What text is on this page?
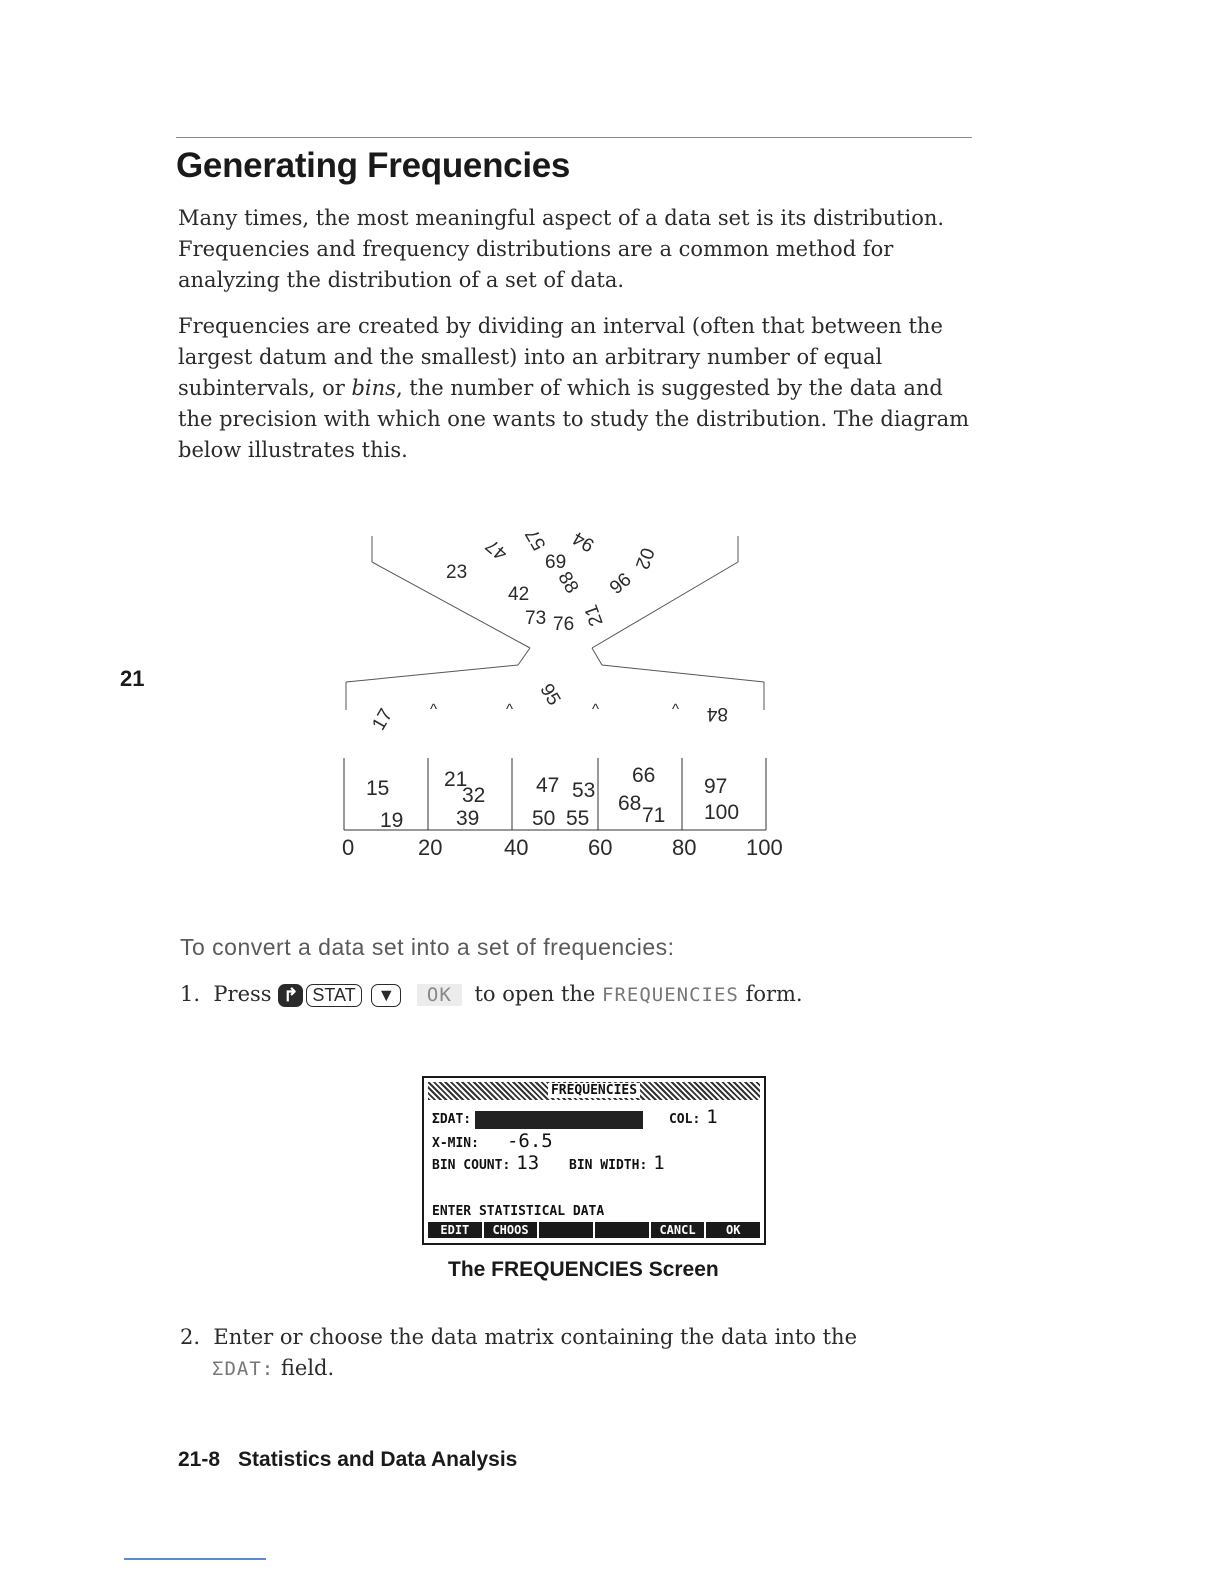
Generating Frequencies

Many times, the most meaningful aspect of a data set is its distribution. Frequencies and frequency distributions are a common method for analyzing the distribution of a set of data.

Frequencies are created by dividing an interval (often that between the largest datum and the smallest) into an arbitrary number of equal subintervals, or bins, the number of which is suggested by the data and the precision with which one wants to study the distribution. The diagram below illustrates this.

21
23
47 57
69
94
02
42 88 96
73 76 21
^	^	^	^
17
95
84
15
19
21
32
39
47 53
50 55
66
68
71
97
100
0	20	40	60	80 100
To convert a data set into a set of frequencies:
1. Press ↱ STAT ▼ OK to open the FREQUENCIES form.
FREQUENCIES
ΣDAT:	COL: 1
X-MIN: -6.5
BIN COUNT: 13 BIN WIDTH: 1
ENTER STATISTICAL DATA
EDIT	CHOOS	CANCL	OK
The FREQUENCIES Screen
2. Enter or choose the data matrix containing the data into the
ΣDAT: field.
21-8 Statistics and Data Analysis
